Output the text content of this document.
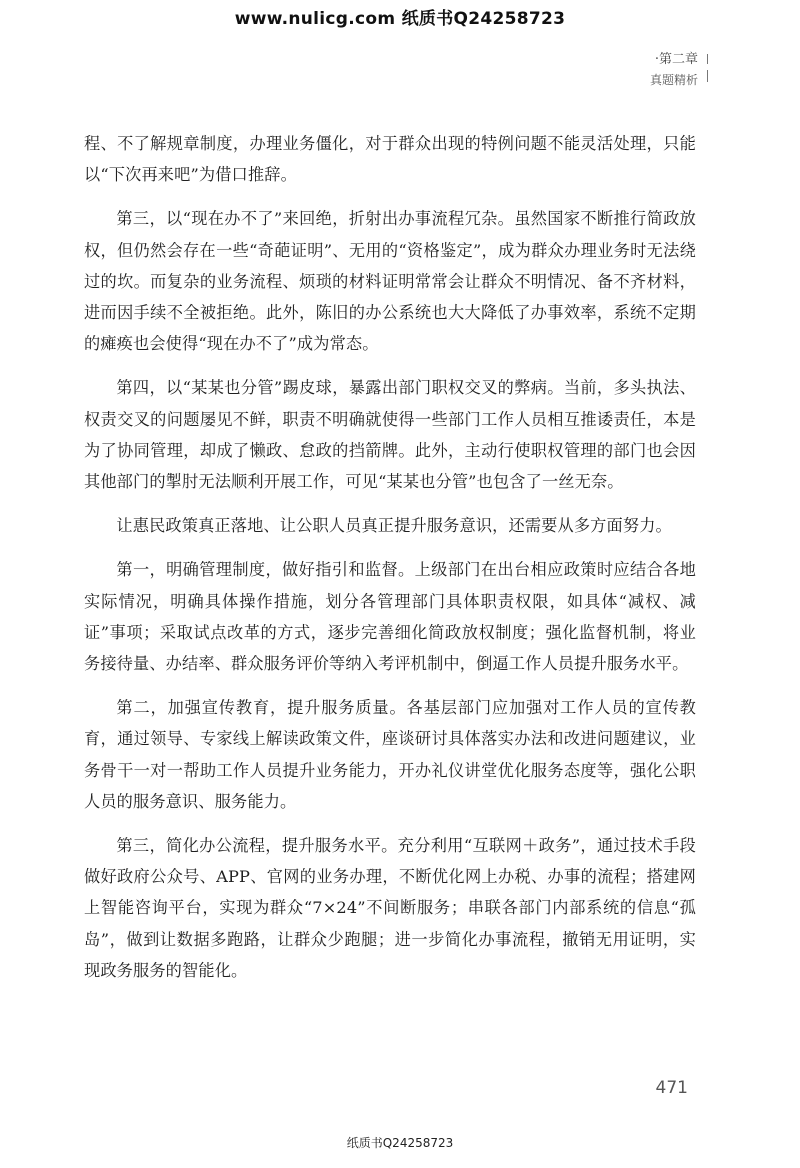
www.nulicg.com 纸质书Q24258723
·第二章
真题精析

程、不了解规章制度，办理业务僵化，对于群众出现的特例问题不能灵活处理，只能以“下次再来吧”为借口推辞。

第三，以“现在办不了”来回绝，折射出办事流程冗杂。虽然国家不断推行简政放权，但仍然会存在一些“奇葩证明”、无用的“资格鉴定”，成为群众办理业务时无法绕过的坎。而复杂的业务流程、烦琐的材料证明常常会让群众不明情况、备不齐材料，进而因手续不全被拒绝。此外，陈旧的办公系统也大大降低了办事效率，系统不定期的瘫痪也会使得“现在办不了”成为常态。

第四，以“某某也分管”踢皮球，暴露出部门职权交叉的弊病。当前，多头执法、权责交叉的问题屡见不鲜，职责不明确就使得一些部门工作人员相互推诿责任，本是为了协同管理，却成了懒政、怠政的挡箭牌。此外，主动行使职权管理的部门也会因其他部门的掣肘无法顺利开展工作，可见“某某也分管”也包含了一丝无奈。

让惠民政策真正落地、让公职人员真正提升服务意识，还需要从多方面努力。

第一，明确管理制度，做好指引和监督。上级部门在出台相应政策时应结合各地实际情况，明确具体操作措施，划分各管理部门具体职责权限，如具体“减权、减证”事项；采取试点改革的方式，逐步完善细化简政放权制度；强化监督机制，将业务接待量、办结率、群众服务评价等纳入考评机制中，倒逼工作人员提升服务水平。

第二，加强宣传教育，提升服务质量。各基层部门应加强对工作人员的宣传教育，通过领导、专家线上解读政策文件，座谈研讨具体落实办法和改进问题建议，业务骨干一对一帮助工作人员提升业务能力，开办礼仪讲堂优化服务态度等，强化公职人员的服务意识、服务能力。

第三，简化办公流程，提升服务水平。充分利用“互联网＋政务”，通过技术手段做好政府公众号、APP、官网的业务办理，不断优化网上办税、办事的流程；搭建网上智能咨询平台，实现为群众“7×24”不间断服务；串联各部门内部系统的信息“孤岛”，做到让数据多跑路，让群众少跑腿；进一步简化办事流程，撤销无用证明，实现政务服务的智能化。

471
纸质书Q24258723
